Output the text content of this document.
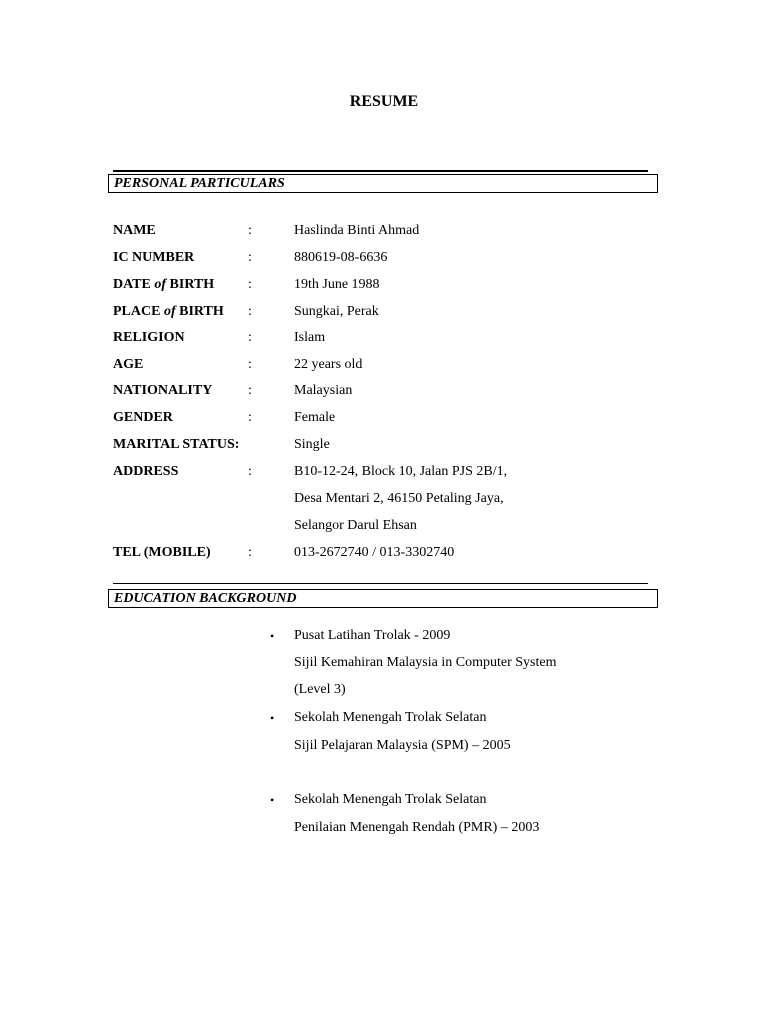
RESUME
PERSONAL PARTICULARS
NAME	:	Haslinda Binti Ahmad
IC NUMBER	:	880619-08-6636
DATE of BIRTH :	19th June 1988
PLACE of BIRTH :	Sungkai, Perak
RELIGION	:	Islam
AGE	:	22 years old
NATIONALITY	:	Malaysian
GENDER	:	Female
MARITAL STATUS:	Single
ADDRESS	:	B10-12-24, Block 10, Jalan PJS 2B/1,
Desa Mentari 2, 46150 Petaling Jaya,
Selangor Darul Ehsan
TEL (MOBILE)	:	013-2672740 / 013-3302740
EDUCATION BACKGROUND
• Pusat Latihan Trolak - 2009
Sijil Kemahiran Malaysia in Computer System
(Level 3)
• Sekolah Menengah Trolak Selatan
Sijil Pelajaran Malaysia (SPM) – 2005
• Sekolah Menengah Trolak Selatan
Penilaian Menengah Rendah (PMR) – 2003
